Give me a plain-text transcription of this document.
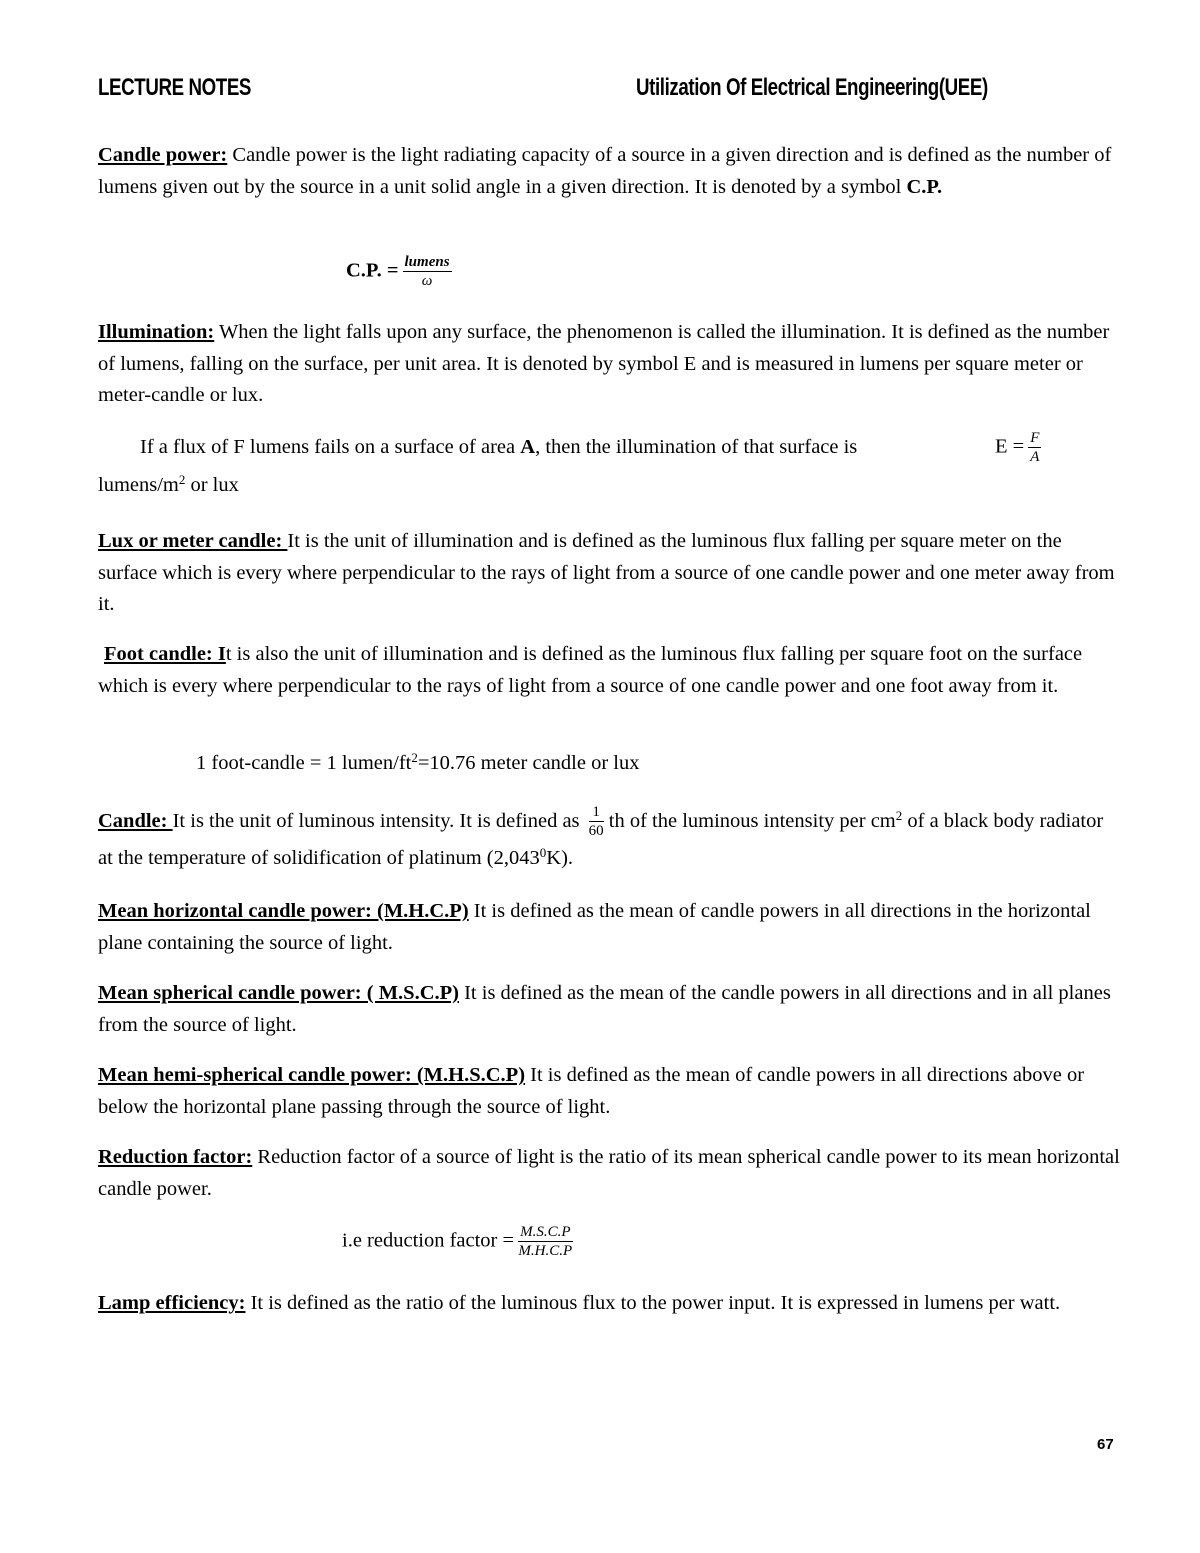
LECTURE NOTES	Utilization Of Electrical Engineering(UEE)
Candle power: Candle power is the light radiating capacity of a source in a given direction and is defined as the number of lumens given out by the source in a unit solid angle in a given direction. It is denoted by a symbol C.P.
C.P. = $\frac{\text{lumens}}{\omega}$
Illumination: When the light falls upon any surface, the phenomenon is called the illumination. It is defined as the number of lumens, falling on the surface, per unit area. It is denoted by symbol E and is measured in lumens per square meter or meter-candle or lux.
If a flux of F lumens fails on a surface of area A, then the illumination of that surface is	$E = \frac{F}{A}$
lumens/$m^2$ or lux
Lux or meter candle: It is the unit of illumination and is defined as the luminous flux falling per square meter on the surface which is every where perpendicular to the rays of light from a source of one candle power and one meter away from it.
Foot candle: It is also the unit of illumination and is defined as the luminous flux falling per square foot on the surface which is every where perpendicular to the rays of light from a source of one candle power and one foot away from it.
1 foot-candle = 1 lumen/$ft^2=10.76$ meter candle or lux
Candle: It is the unit of luminous intensity. It is defined as $\frac{1}{60}$ th of the luminous intensity per $cm^2$ of a black body radiator at the temperature of solidification of platinum (2,043$^0$K).
Mean horizontal candle power: (M.H.C.P) It is defined as the mean of candle powers in all directions in the horizontal plane containing the source of light.
Mean spherical candle power: ( M.S.C.P) It is defined as the mean of the candle powers in all directions and in all planes from the source of light.
Mean hemi-spherical candle power: (M.H.S.C.P) It is defined as the mean of candle powers in all directions above or below the horizontal plane passing through the source of light.
Reduction factor: Reduction factor of a source of light is the ratio of its mean spherical candle power to its mean horizontal candle power.
i.e reduction factor = $\frac{M.S.C.P}{M.H.C.P}$
Lamp efficiency: It is defined as the ratio of the luminous flux to the power input. It is expressed in lumens per watt.
67
